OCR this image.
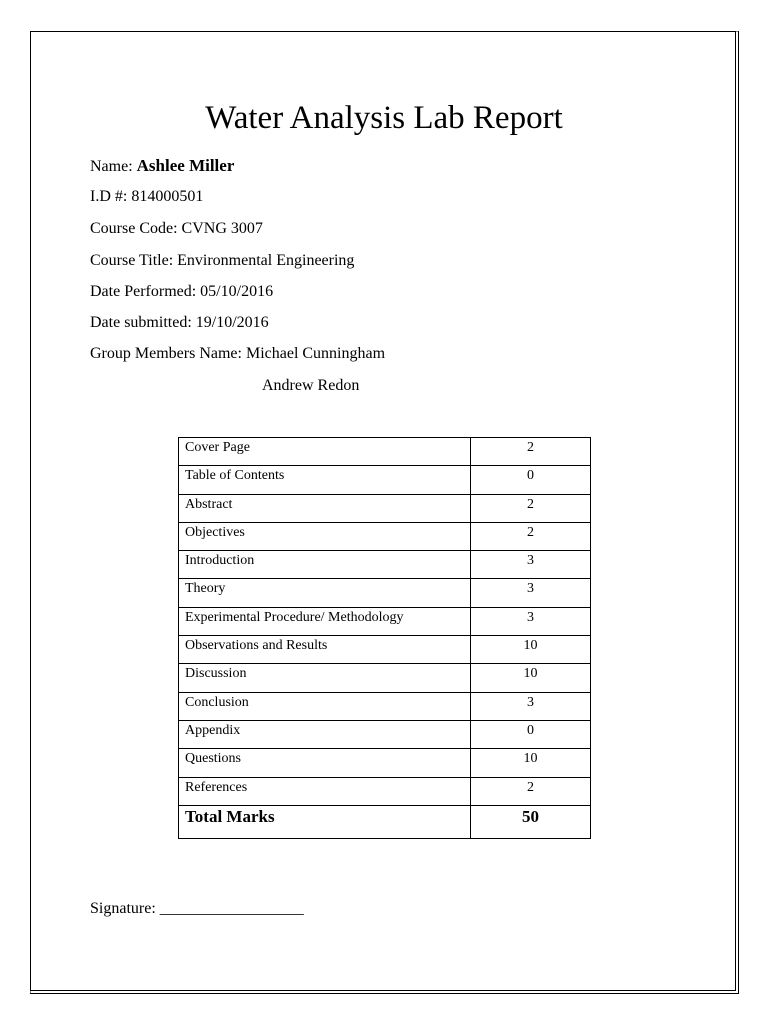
Water Analysis Lab Report
Name: Ashlee Miller
I.D #: 814000501
Course Code: CVNG 3007
Course Title: Environmental Engineering
Date Performed: 05/10/2016
Date submitted: 19/10/2016
Group Members Name: Michael Cunningham
Andrew Redon
Cover Page	2
Table of Contents	0
Abstract	2
Objectives	2
Introduction	3
Theory	3
Experimental Procedure/ Methodology	3
Observations and Results	10
Discussion	10
Conclusion	3
Appendix	0
Questions	10
References	2
Total Marks	50
Signature: __________________
